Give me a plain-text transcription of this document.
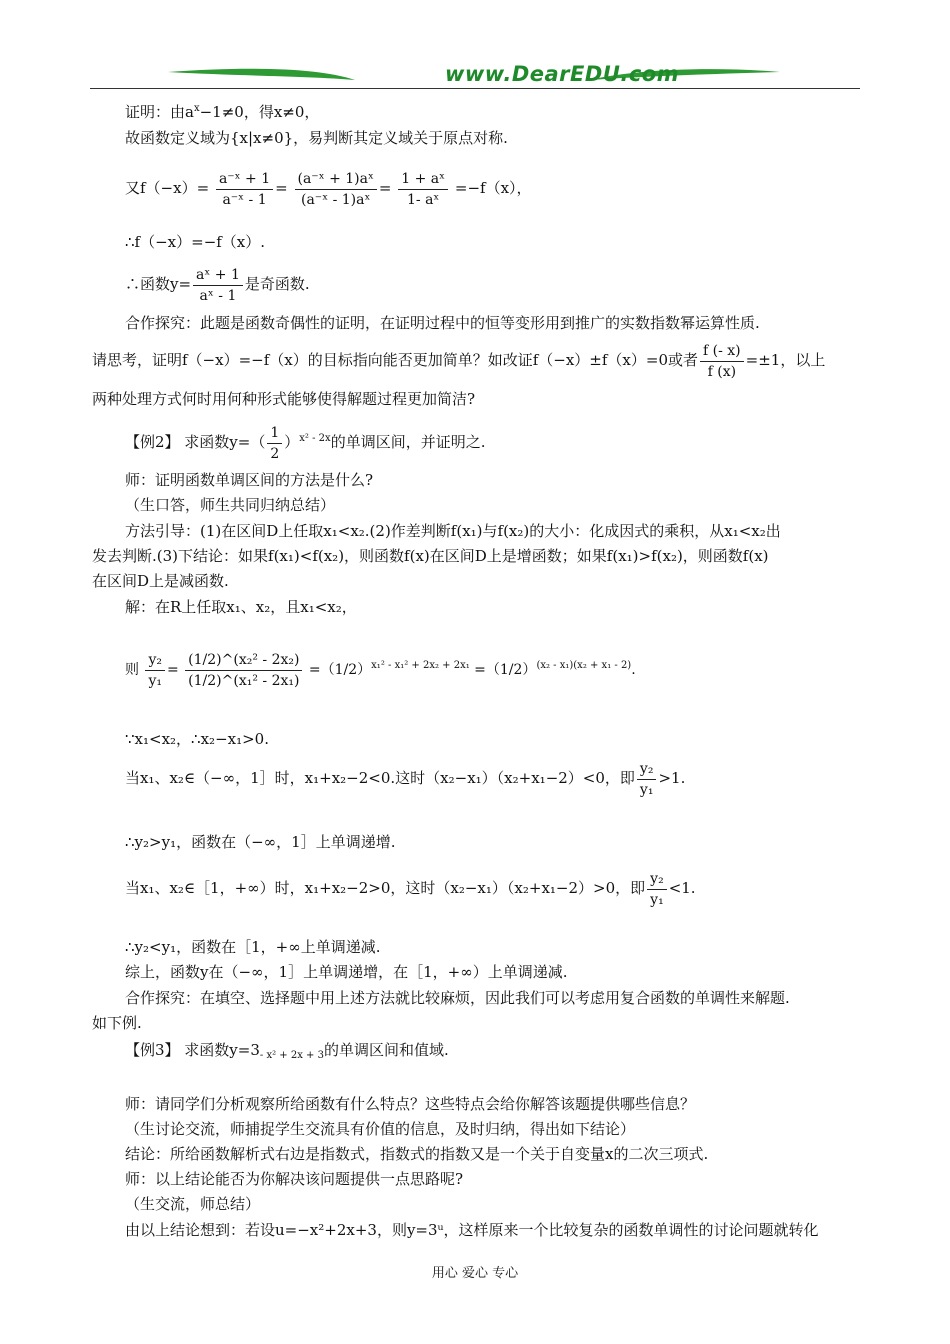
www.DearEDU.com
证明：由$a^x-1\ne 0$，得x≠0，
故函数定义域为{x|x≠0}，易判断其定义域关于原点对称.
又$f(-x)= \frac{\text{a⁻ˣ + 1}}{\text{a⁻ˣ - 1}} = \frac{\text{(a⁻ˣ + 1)aˣ}}{\text{(a⁻ˣ - 1)aˣ}} = \frac{\text{1 + aˣ}}{\text{1- aˣ}} =-f(x)$，
∴f（−x）=−f（x）.
∴函数$y= \frac{\text{aˣ + 1}}{\text{aˣ - 1}}$ 是奇函数.
合作探究：此题是函数奇偶性的证明，在证明过程中的恒等变形用到推广的实数指数幂运算性质.
请思考，证明f（−x）=−f（x）的目标指向能否更加简单？如改证f（−x）±f（x）=0或者 $\frac{f (- x)}{f (x)} =\pm 1$，以上
两种处理方式何时用何种形式能够使得解题过程更加简洁?
【例2】 求函数$y=( \frac{1}{2} )^{x^2 - 2x}$的单调区间，并证明之.
师：证明函数单调区间的方法是什么?
（生口答，师生共同归纳总结）
方法引导：(1)在区间D上任取x₁<x₂.(2)作差判断f(x₁)与f(x₂)的大小：化成因式的乘积，从x₁<x₂出
发去判断.(3)下结论：如果f(x₁)<f(x₂)，则函数f(x)在区间D上是增函数；如果f(x₁)>f(x₂)，则函数f(x)
在区间D上是减函数.
解：在R上任取x₁、x₂，且x₁<x₂，
则 $\frac{\text{y₂}}{\text{y₁}} = \frac{\text{(1/2)\textasciicircum{}(x₂² - 2x₂)}}{\text{(1/2)\textasciicircum{}(x₁² - 2x₁)}} =(1/2)^{x_1^2 - x_1^2 + 2x_2 + 2x_1} =(1/2)^{(x_2 - x_1)(x_2 + x_1 - 2)}$.
∵x₁<x₂，∴x₂−x₁>0.
当x₁、x₂∈（−∞，1］时，x₁+x₂−2<0.这时（x₂−x₁）（x₂+x₁−2）<0，即 $\frac{\text{y₂}}{\text{y₁}} >1$.
∴y₂>y₁，函数在（−∞，1］上单调递增.
当x₁、x₂∈［1，+∞）时，x₁+x₂−2>0，这时（x₂−x₁）（x₂+x₁−2）>0，即 $\frac{\text{y₂}}{\text{y₁}} <1$.
∴y₂<y₁，函数在［1，+∞上单调递减.
综上，函数y在（−∞，1］上单调递增，在［1，+∞）上单调递减.
合作探究：在填空、选择题中用上述方法就比较麻烦，因此我们可以考虑用复合函数的单调性来解题.
如下例.
【例3】 求函数$y=3_{- x^2 + 2x + 3}$的单调区间和值域.
师：请同学们分析观察所给函数有什么特点？这些特点会给你解答该题提供哪些信息？
（生讨论交流，师捕捉学生交流具有价值的信息，及时归纳，得出如下结论）
结论：所给函数解析式右边是指数式，指数式的指数又是一个关于自变量x的二次三项式.
师：以上结论能否为你解决该问题提供一点思路呢?
（生交流，师总结）
由以上结论想到：若设u=−x²+2x+3，则y=3ᵘ，这样原来一个比较复杂的函数单调性的讨论问题就转化
用心 爱心 专心
